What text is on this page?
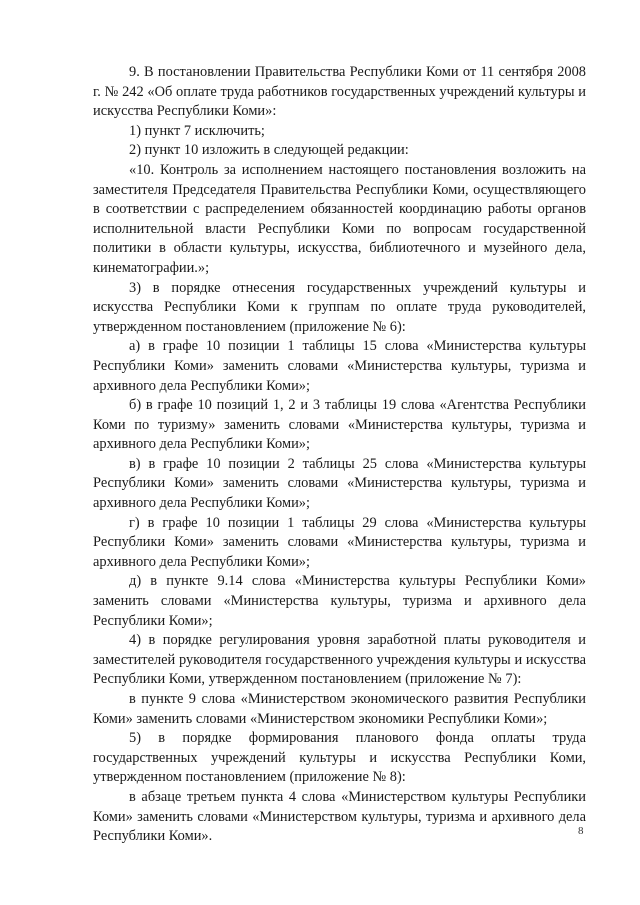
9. В постановлении Правительства Республики Коми от 11 сентября 2008 г. № 242 «Об оплате труда работников государственных учреждений культуры и искусства Республики Коми»:

1) пункт 7 исключить;

2) пункт 10 изложить в следующей редакции:

«10. Контроль за исполнением настоящего постановления возложить на заместителя Председателя Правительства Республики Коми, осуществляющего в соответствии с распределением обязанностей координацию работы органов исполнительной власти Республики Коми по вопросам государственной политики в области культуры, искусства, библиотечного и музейного дела, кинематографии.»;

3) в порядке отнесения государственных учреждений культуры и искусства Республики Коми к группам по оплате труда руководителей, утвержденном постановлением (приложение № 6):

а) в графе 10 позиции 1 таблицы 15 слова «Министерства культуры Республики Коми» заменить словами «Министерства культуры, туризма и архивного дела Республики Коми»;

б) в графе 10 позиций 1, 2 и 3 таблицы 19 слова «Агентства Республики Коми по туризму» заменить словами «Министерства культуры, туризма и архивного дела Республики Коми»;

в) в графе 10 позиции 2 таблицы 25 слова «Министерства культуры Республики Коми» заменить словами «Министерства культуры, туризма и архивного дела Республики Коми»;

г) в графе 10 позиции 1 таблицы 29 слова «Министерства культуры Республики Коми» заменить словами «Министерства культуры, туризма и архивного дела Республики Коми»;

д) в пункте 9.14 слова «Министерства культуры Республики Коми» заменить словами «Министерства культуры, туризма и архивного дела Республики Коми»;

4) в порядке регулирования уровня заработной платы руководителя и заместителей руководителя государственного учреждения культуры и искусства Республики Коми, утвержденном постановлением (приложение № 7):

в пункте 9 слова «Министерством экономического развития Республики Коми» заменить словами «Министерством экономики Республики Коми»;

5) в порядке формирования планового фонда оплаты труда государственных учреждений культуры и искусства Республики Коми, утвержденном постановлением (приложение № 8):

в абзаце третьем пункта 4 слова «Министерством культуры Республики Коми» заменить словами «Министерством культуры, туризма и архивного дела Республики Коми».	8
